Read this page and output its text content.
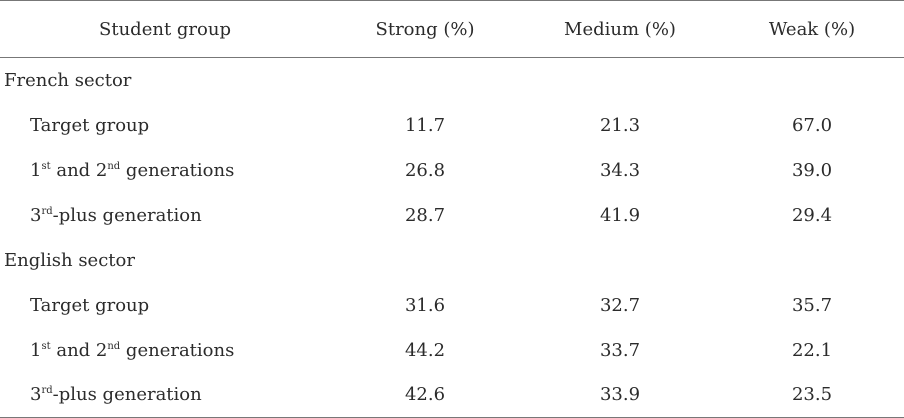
Student group	Strong (%)	Medium (%)	Weak (%)
French sector			
Target group	11.7	21.3	67.0
1st and 2nd generations	26.8	34.3	39.0
3rd-plus generation	28.7	41.9	29.4
English sector			
Target group	31.6	32.7	35.7
1st and 2nd generations	44.2	33.7	22.1
3rd-plus generation	42.6	33.9	23.5
